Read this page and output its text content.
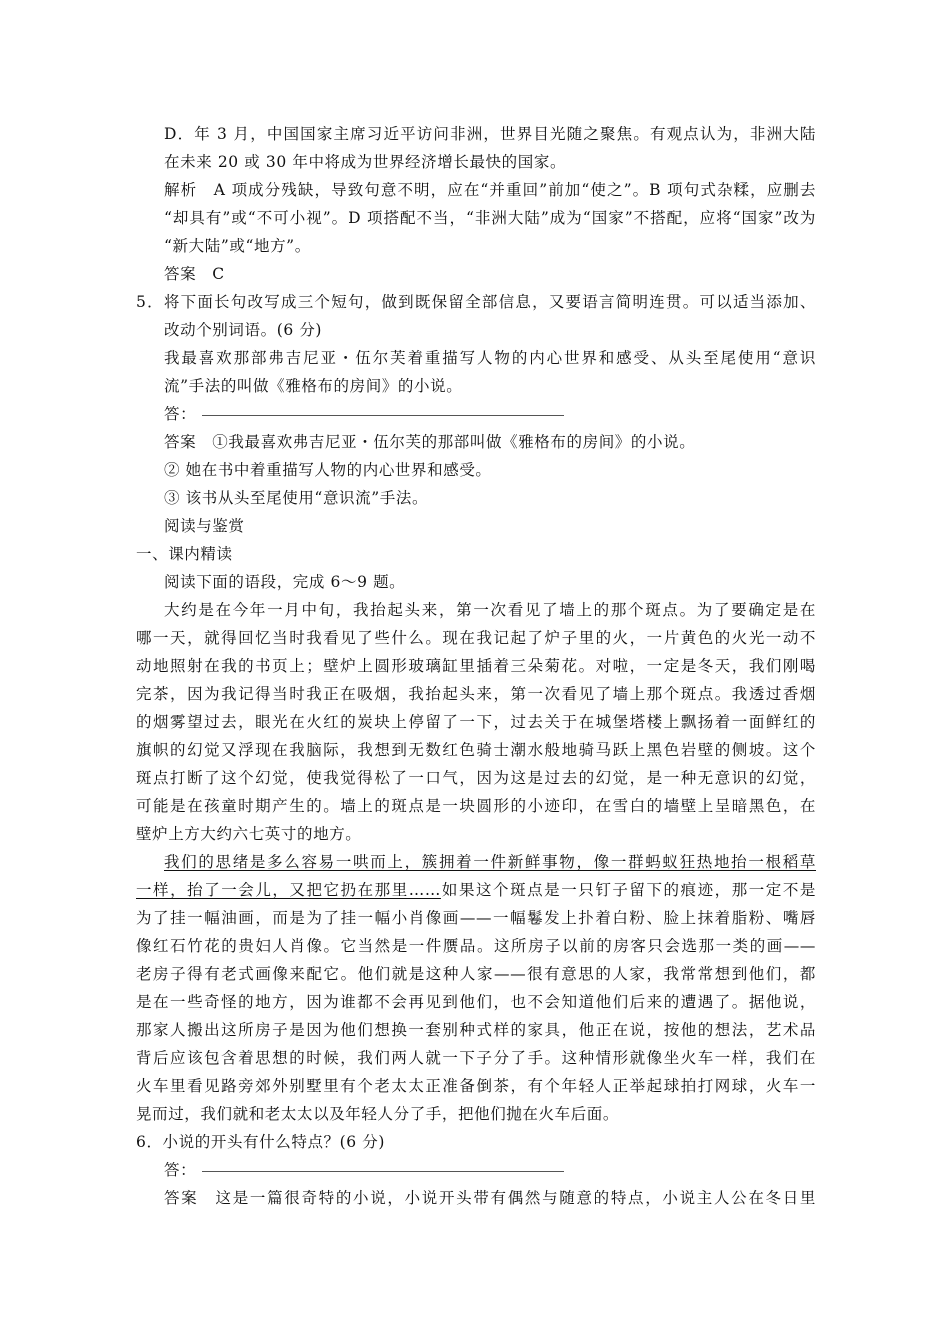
D．年 3 月，中国国家主席习近平访问非洲，世界目光随之聚焦。有观点认为，非洲大陆
在未来 20 或 30 年中将成为世界经济增长最快的国家。
解析　A 项成分残缺，导致句意不明，应在“并重回”前加“使之”。B 项句式杂糅，应删去
“却具有”或“不可小视”。D 项搭配不当，“非洲大陆”成为“国家”不搭配，应将“国家”改为
“新大陆”或“地方”。
答案　C
5．将下面长句改写成三个短句，做到既保留全部信息，又要语言简明连贯。可以适当添加、
改动个别词语。(6 分)
我最喜欢那部弗吉尼亚・伍尔芙着重描写人物的内心世界和感受、从头至尾使用“意识
流”手法的叫做《雅格布的房间》的小说。
答：
答案　①我最喜欢弗吉尼亚・伍尔芙的那部叫做《雅格布的房间》的小说。
② 她在书中着重描写人物的内心世界和感受。
③ 该书从头至尾使用“意识流”手法。
阅读与鉴赏
一、课内精读
阅读下面的语段，完成 6～9 题。
大约是在今年一月中旬，我抬起头来，第一次看见了墙上的那个斑点。为了要确定是在
哪一天，就得回忆当时我看见了些什么。现在我记起了炉子里的火，一片黄色的火光一动不
动地照射在我的书页上；壁炉上圆形玻璃缸里插着三朵菊花。对啦，一定是冬天，我们刚喝
完茶，因为我记得当时我正在吸烟，我抬起头来，第一次看见了墙上那个斑点。我透过香烟
的烟雾望过去，眼光在火红的炭块上停留了一下，过去关于在城堡塔楼上飘扬着一面鲜红的
旗帜的幻觉又浮现在我脑际，我想到无数红色骑士潮水般地骑马跃上黑色岩壁的侧坡。这个
斑点打断了这个幻觉，使我觉得松了一口气，因为这是过去的幻觉，是一种无意识的幻觉，
可能是在孩童时期产生的。墙上的斑点是一块圆形的小迹印，在雪白的墙壁上呈暗黑色，在
壁炉上方大约六七英寸的地方。
我们的思绪是多么容易一哄而上，簇拥着一件新鲜事物，像一群蚂蚁狂热地抬一根稻草
一样，抬了一会儿，又把它扔在那里……如果这个斑点是一只钉子留下的痕迹，那一定不是
为了挂一幅油画，而是为了挂一幅小肖像画——一幅鬈发上扑着白粉、脸上抹着脂粉、嘴唇
像红石竹花的贵妇人肖像。它当然是一件赝品。这所房子以前的房客只会选那一类的画——
老房子得有老式画像来配它。他们就是这种人家——很有意思的人家，我常常想到他们，都
是在一些奇怪的地方，因为谁都不会再见到他们，也不会知道他们后来的遭遇了。据他说，
那家人搬出这所房子是因为他们想换一套别种式样的家具，他正在说，按他的想法，艺术品
背后应该包含着思想的时候，我们两人就一下子分了手。这种情形就像坐火车一样，我们在
火车里看见路旁郊外别墅里有个老太太正准备倒茶，有个年轻人正举起球拍打网球，火车一
晃而过，我们就和老太太以及年轻人分了手，把他们抛在火车后面。
6．小说的开头有什么特点？(6 分)
答：
答案　这是一篇很奇特的小说，小说开头带有偶然与随意的特点，小说主人公在冬日里
